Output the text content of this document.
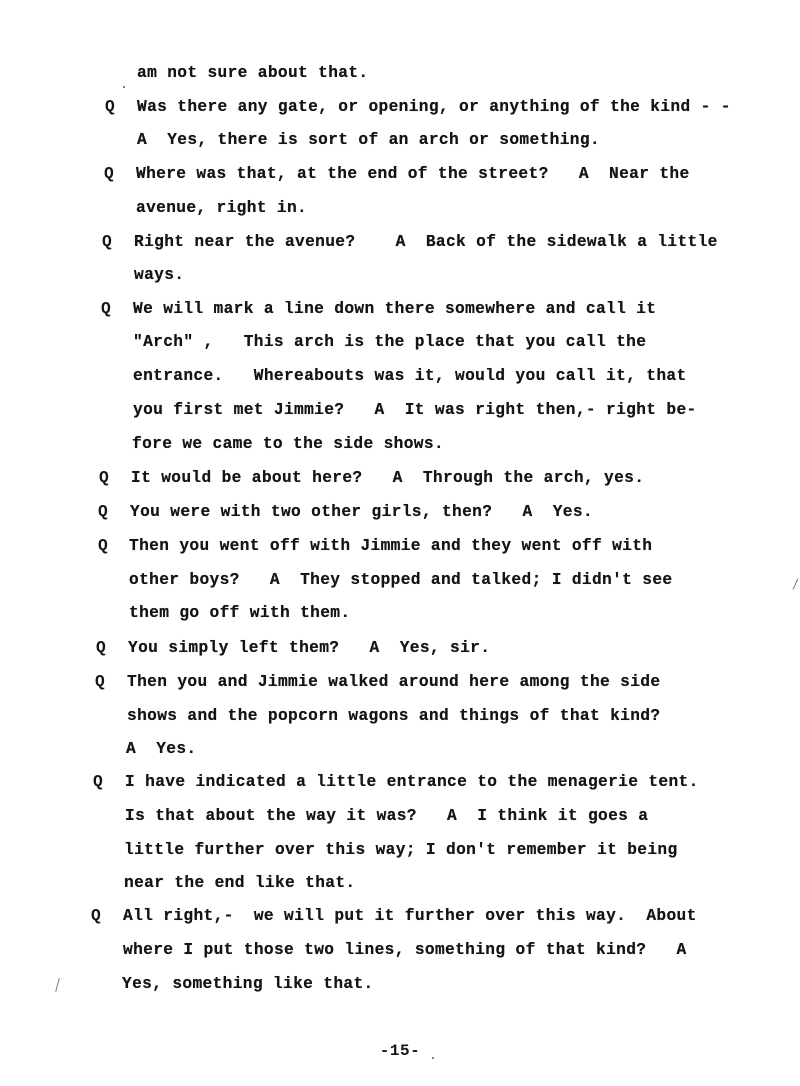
am not sure about that.
Q Was there any gate, or opening, or anything of the kind - -
A  Yes, there is sort of an arch or something.
Q Where was that, at the end of the street?   A  Near the
avenue, right in.
Q Right near the avenue?    A  Back of the sidewalk a little
ways.
Q We will mark a line down there somewhere and call it
"Arch" ,   This arch is the place that you call the
entrance.   Whereabouts was it, would you call it, that
you first met Jimmie?   A  It was right then,- right be-
fore we came to the side shows.
Q It would be about here?   A  Through the arch, yes.
Q You were with two other girls, then?   A  Yes.
Q Then you went off with Jimmie and they went off with
other boys?   A  They stopped and talked; I didn't see
them go off with them.
Q You simply left them?   A  Yes, sir.
Q Then you and Jimmie walked around here among the side
shows and the popcorn wagons and things of that kind?
A  Yes.
Q I have indicated a little entrance to the menagerie tent.
Is that about the way it was?   A  I think it goes a
little further over this way; I don't remember it being
near the end like that.
Q All right,-  we will put it further over this way.  About
where I put those two lines, something of that kind?   A
Yes, something like that.
-15-
